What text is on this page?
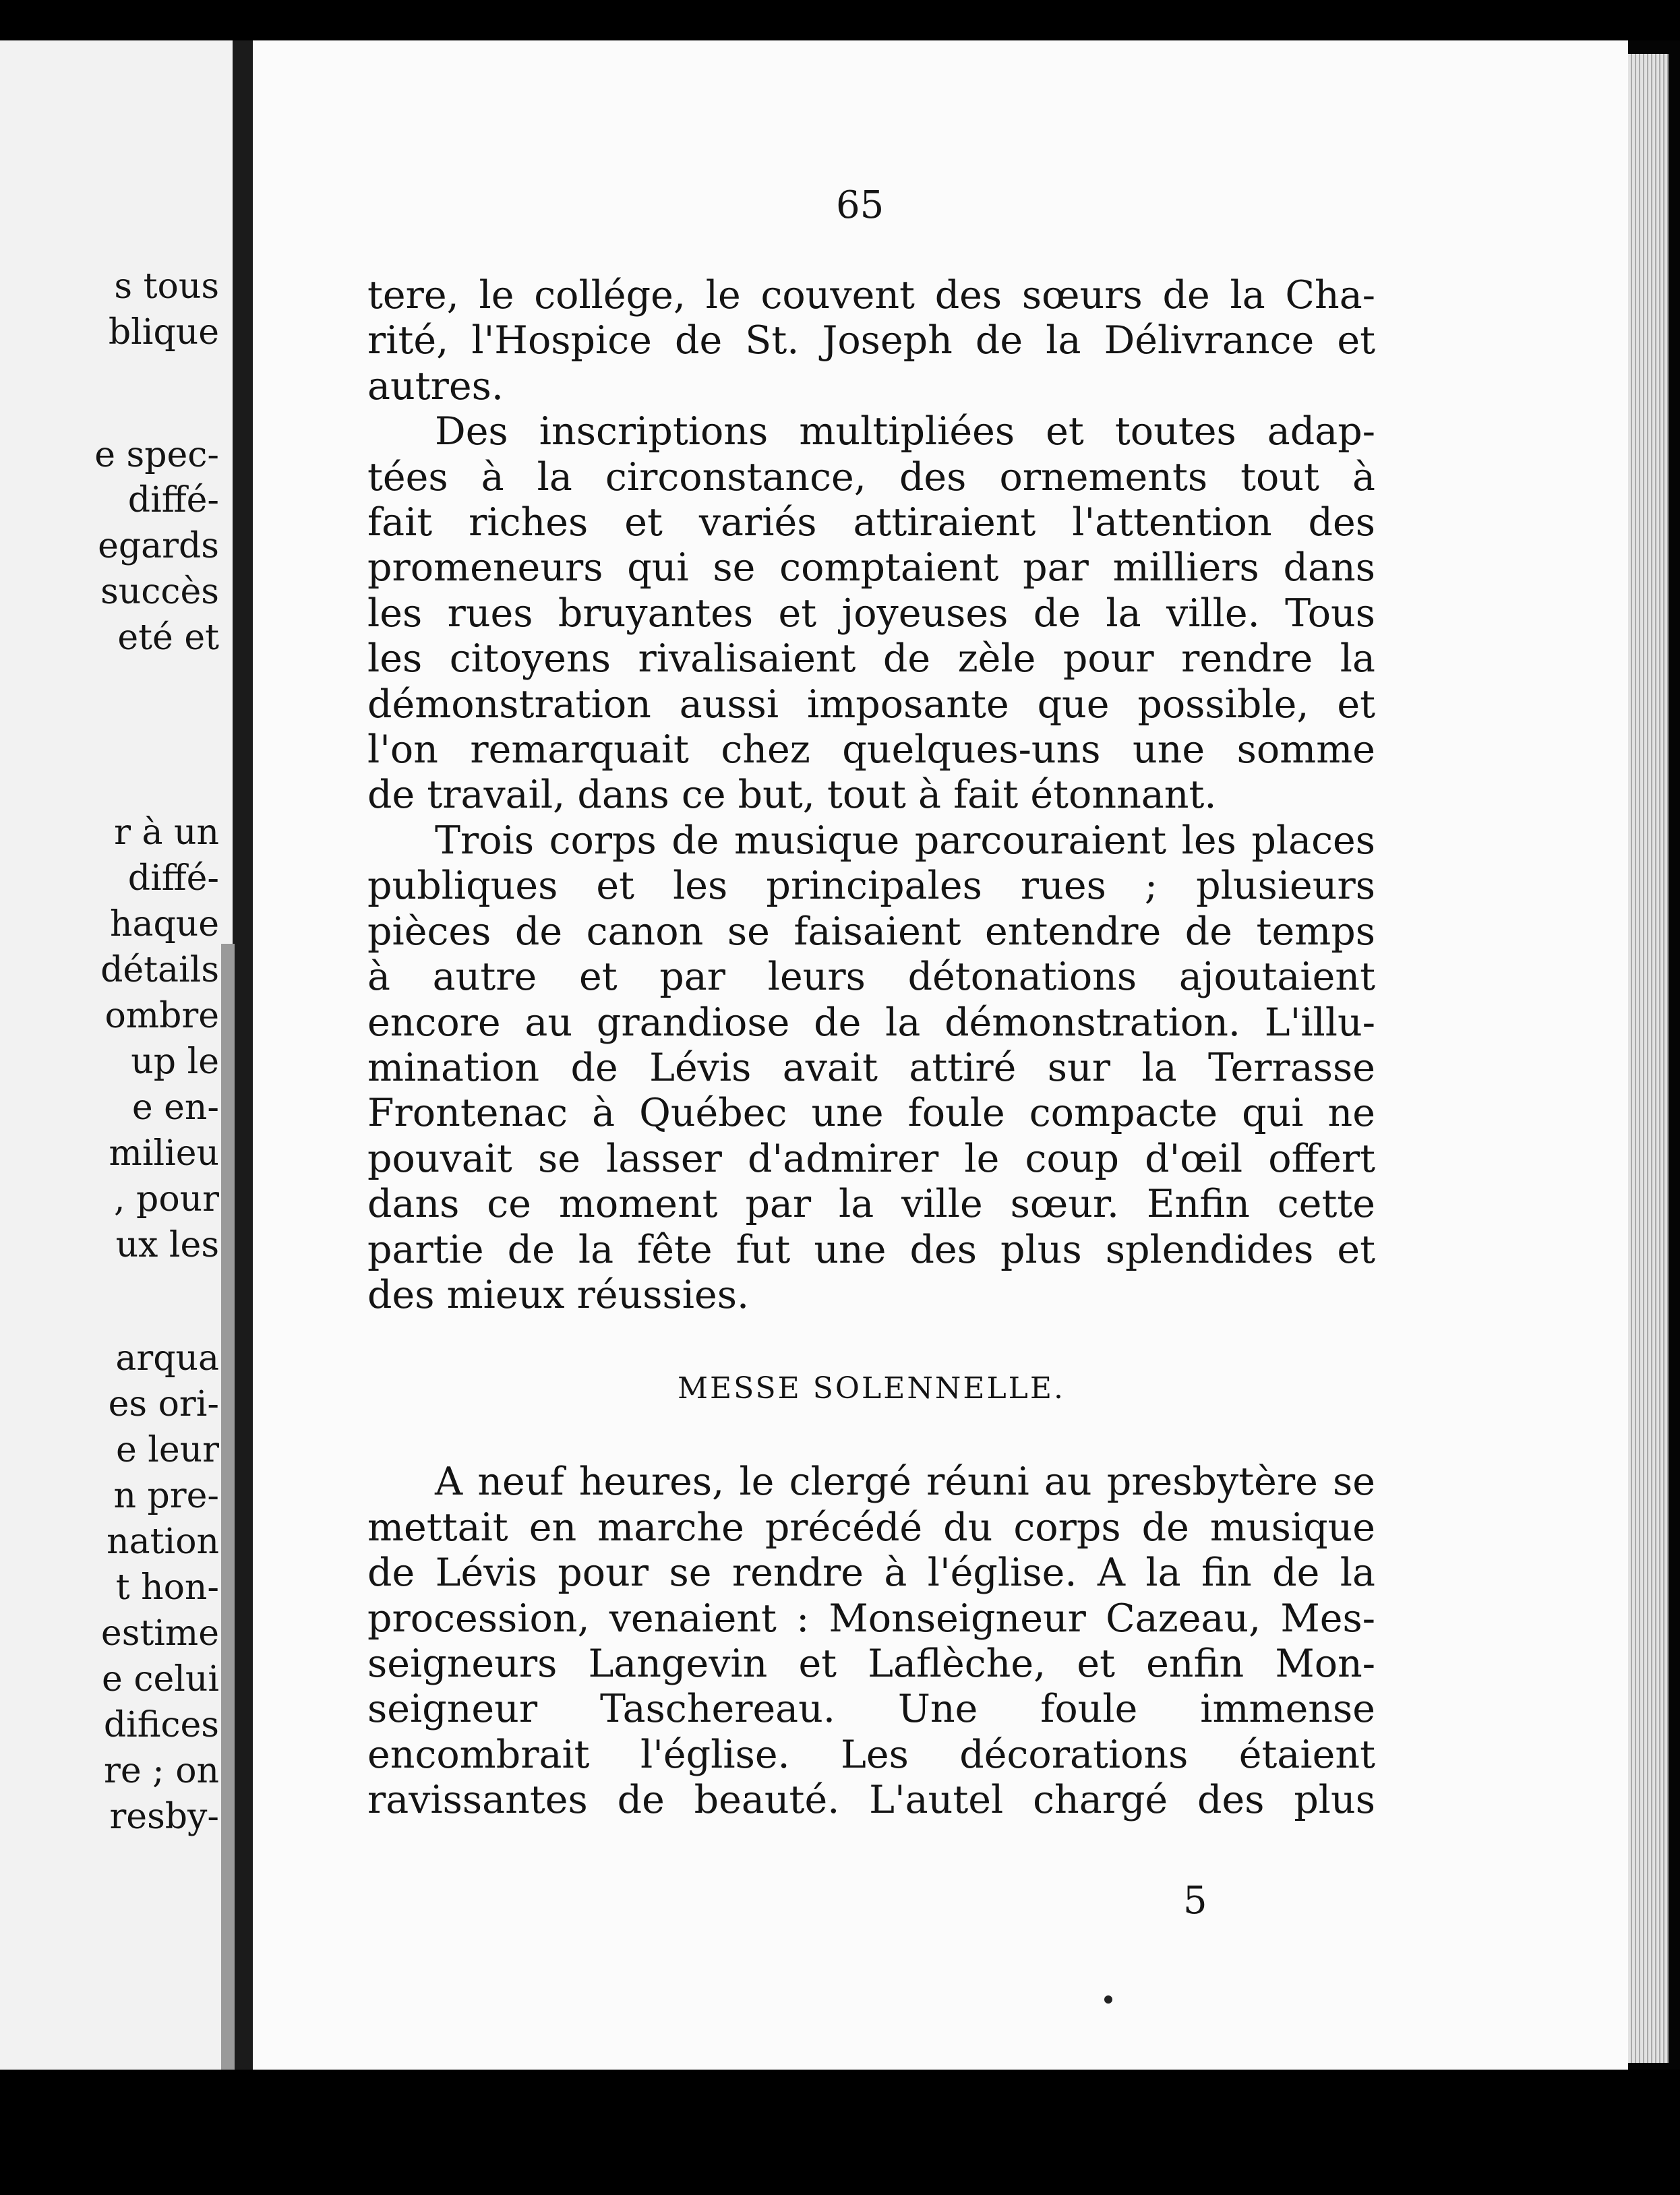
s tous
blique
e spec-
diffé-
egards
succès
eté et
r à un
diffé-
haque
détails
ombre
up le
e en-
milieu
, pour
ux les
arqua
es ori-
e leur
n pre-
nation
t hon-
estime
e celui
difices
re ; on
resby-
65
tere, le collége, le couvent des sœurs de la Cha-
rité, l'Hospice de St. Joseph de la Délivrance et
autres.
Des inscriptions multipliées et toutes adap-
tées à la circonstance, des ornements tout à
fait riches et variés attiraient l'attention des
promeneurs qui se comptaient par milliers dans
les rues bruyantes et joyeuses de la ville. Tous
les citoyens rivalisaient de zèle pour rendre la
démonstration aussi imposante que possible, et
l'on remarquait chez quelques-uns une somme
de travail, dans ce but, tout à fait étonnant.
Trois corps de musique parcouraient les places
publiques et les principales rues ; plusieurs
pièces de canon se faisaient entendre de temps
à autre et par leurs détonations ajoutaient
encore au grandiose de la démonstration. L'illu-
mination de Lévis avait attiré sur la Terrasse
Frontenac à Québec une foule compacte qui ne
pouvait se lasser d'admirer le coup d'œil offert
dans ce moment par la ville sœur. Enfin cette
partie de la fête fut une des plus splendides et
des mieux réussies.
MESSE SOLENNELLE.
A neuf heures, le clergé réuni au presbytère se
mettait en marche précédé du corps de musique
de Lévis pour se rendre à l'église. A la fin de la
procession, venaient : Monseigneur Cazeau, Mes-
seigneurs Langevin et Laflèche, et enfin Mon-
seigneur Taschereau. Une foule immense
encombrait l'église. Les décorations étaient
ravissantes de beauté. L'autel chargé des plus
5
